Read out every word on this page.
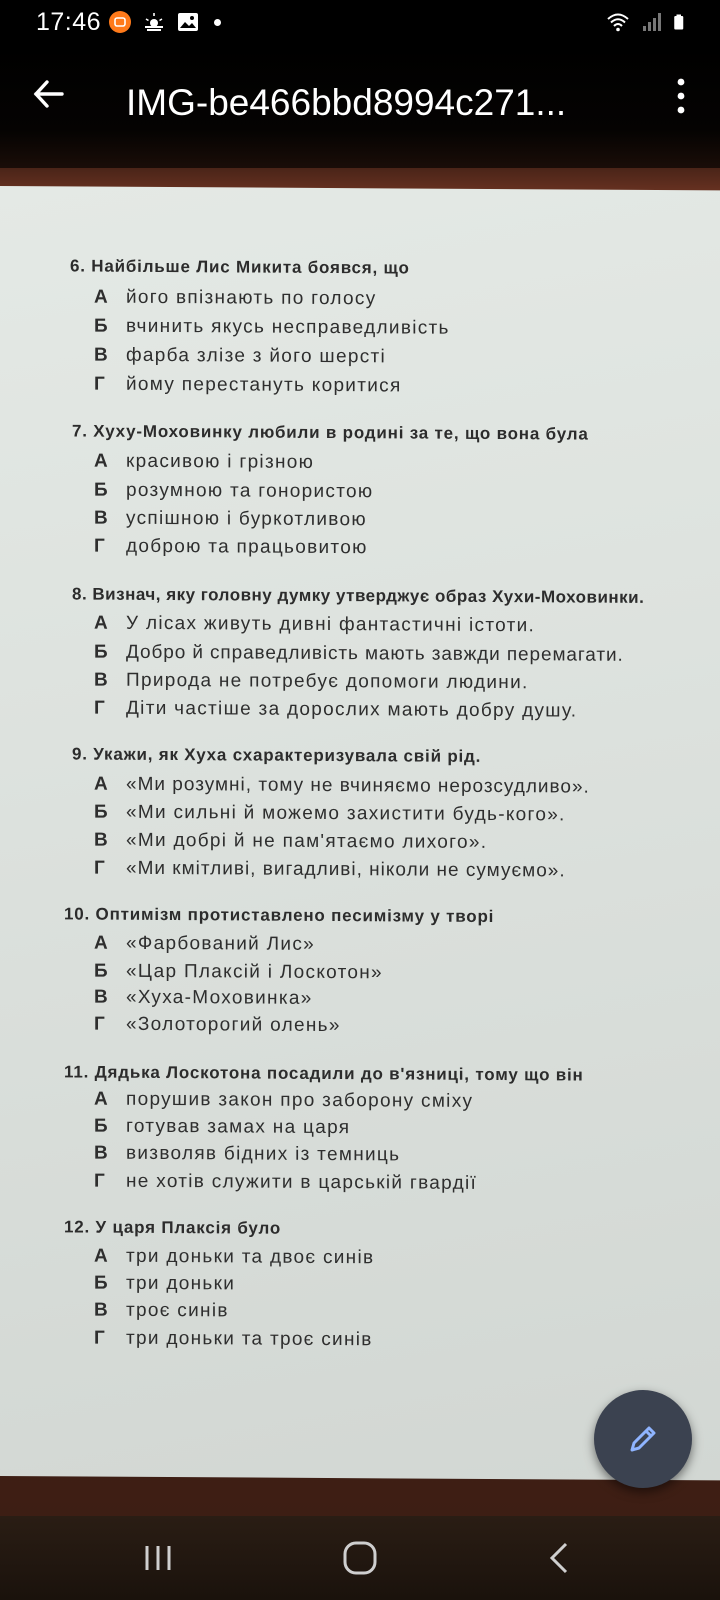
17:46
IMG-be466bbd8994c271...
6. Найбільше Лис Микита боявся, що
А його впізнають по голосу
Б вчинить якусь несправедливість
В фарба злізе з його шерсті
Г йому перестануть коритися
7. Хуху-Моховинку любили в родині за те, що вона була
А красивою і грізною
Б розумною та гонористою
В успішною і буркотливою
Г доброю та працьовитою
8. Визнач, яку головну думку утверджує образ Хухи-Моховинки.
А У лісах живуть дивні фантастичні істоти.
Б Добро й справедливість мають завжди перемагати.
В Природа не потребує допомоги людини.
Г Діти частіше за дорослих мають добру душу.
9. Укажи, як Хуха схарактеризувала свій рід.
А «Ми розумні, тому не вчиняємо нерозсудливо».
Б «Ми сильні й можемо захистити будь-кого».
В «Ми добрі й не пам'ятаємо лихого».
Г «Ми кмітливі, вигадливі, ніколи не сумуємо».
10. Оптимізм протиставлено песимізму у творі
А «Фарбований Лис»
Б «Цар Плаксій і Лоскотон»
В «Хуха-Моховинка»
Г «Золоторогий олень»
11. Дядька Лоскотона посадили до в'язниці, тому що він
А порушив закон про заборону сміху
Б готував замах на царя
В визволяв бідних із темниць
Г не хотів служити в царській гвардії
12. У царя Плаксія було
А три доньки та двоє синів
Б три доньки
В троє синів
Г три доньки та троє синів
